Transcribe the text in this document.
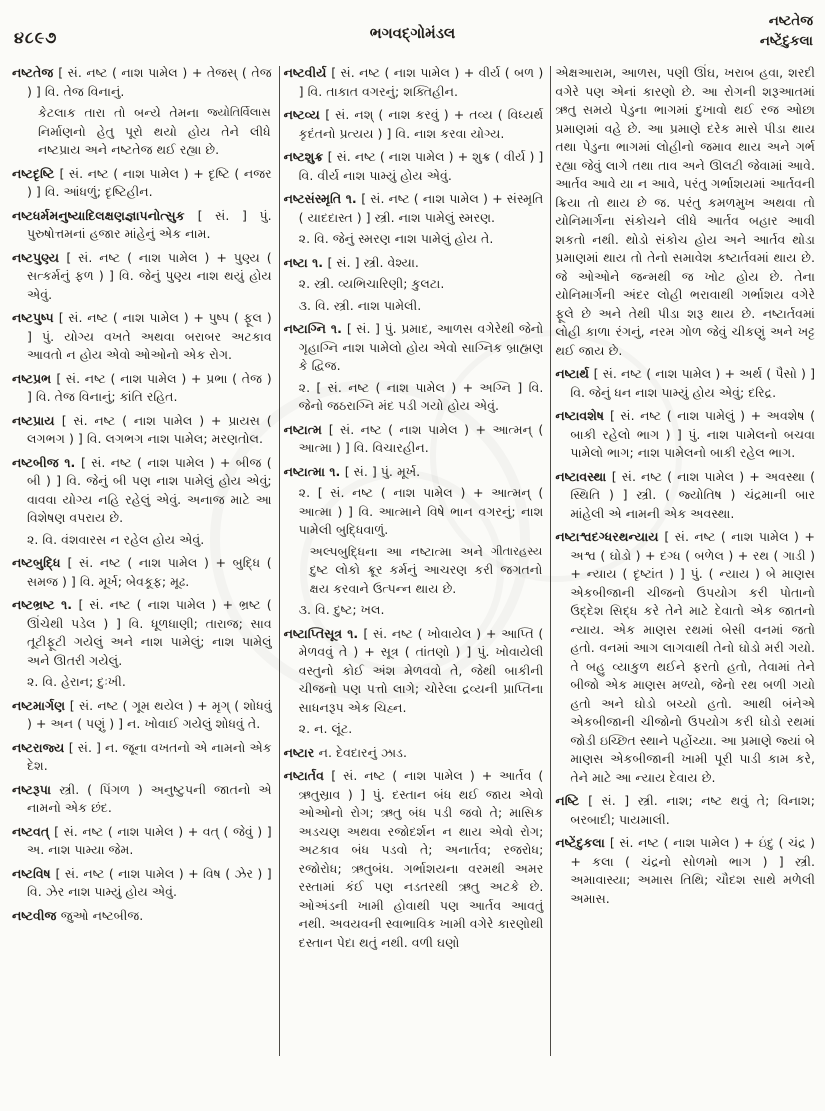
૪૮૯૭	ભગવદ્ગોમંડલ
નષ્ટતેજ
નષ્ટેંદુકલા

નષ્ટતેજ [ સં. નષ્ટ ( નાશ પામેલ ) + તેજસ્ ( તેજ ) ] વિ. તેજ વિનાનું.

જ્યોતિર્વિલાસ
કેટલાક તારા તો બન્યે તેમના નિર્માણનો હેતુ પૂરો થયો હોય તેને લીધે નષ્ટપ્રાય અને નષ્ટતેજ થઈ રહ્યા છે.

નષ્ટદૃષ્ટિ [ સં. નષ્ટ ( નાશ પામેલ ) + દૃષ્ટિ ( નજર ) ] વિ. આંધળું; દૃષ્ટિહીન.

નષ્ટધર્મમનુષ્યાદિલક્ષણજ્ઞાપનોત્સુક [ સં. ] પું. પુરુષોત્તમનાં હજાર માંહેનું એક નામ.

નષ્ટપુણ્ય [ સં. નષ્ટ ( નાશ પામેલ ) + પુણ્ય ( સત્કર્મનું ફળ ) ] વિ. જેનું પુણ્ય નાશ થયું હોય એવું.

નષ્ટપુષ્પ [ સં. નષ્ટ ( નાશ પામેલ ) + પુષ્પ ( ફૂલ ) ] પું. યોગ્ય વખતે અથવા બરાબર અટકાવ આવતો ન હોય એવો ઓઓનો એક રોગ.

નષ્ટપ્રભ [ સં. નષ્ટ ( નાશ પામેલ ) + પ્રભા ( તેજ ) ] વિ. તેજ વિનાનું; કાંતિ રહિત.

નષ્ટપ્રાય [ સં. નષ્ટ ( નાશ પામેલ ) + પ્રાયસ ( લગભગ ) ] વિ. લગભગ નાશ પામેલ; મરણતોલ.

નષ્ટબીજ ૧. [ સં. નષ્ટ ( નાશ પામેલ ) + બીજ ( બી ) ] વિ. જેનું બી પણ નાશ પામેલું હોય એવું; વાવવા યોગ્ય નહિ રહેલું એવું. અનાજ માટે આ વિશેષણ વપરાય છે.

૨. વિ. વંશવારસ ન રહેલ હોય એવું.

નષ્ટબુદ્ધિ [ સં. નષ્ટ ( નાશ પામેલ ) + બુદ્ધિ ( સમજ ) ] વિ. મૂર્ખ; બેવકૂફ; મૂઢ.

નષ્ટભ્રષ્ટ ૧. [ સં. નષ્ટ ( નાશ પામેલ ) + ભ્રષ્ટ ( ઊંચેથી પડેલ ) ] વિ. ધૂળધાણી; તારાજ; સાવ તૂટીફૂટી ગયેલું અને નાશ પામેલું; નાશ પામેલું અને ઊતરી ગયેલું.

૨. વિ. હેરાન; દુઃખી.

નષ્ટમાર્ગણ [ સં. નષ્ટ ( ગૂમ થયેલ ) + મૃગ્ ( શોધવું ) + અન ( પણું ) ] ન. ખોવાઈ ગયેલું શોધવું તે.

નષ્ટરાજ્ય [ સં. ] ન. જૂના વખતનો એ નામનો એક દેશ.

નષ્ટરૂપા સ્ત્રી. ( પિંગળ ) અનુષ્ટુપની જાતનો એ નામનો એક છંદ.

નષ્ટવત્ [ સં. નષ્ટ ( નાશ પામેલ ) + વત્ ( જેવું ) ] અ. નાશ પામ્યા જેમ.

નષ્ટવિષ [ સં. નષ્ટ ( નાશ પામેલ ) + વિષ ( ઝેર ) ] વિ. ઝેર નાશ પામ્યું હોય એવું.

નષ્ટવીજ જુઓ નષ્ટબીજ.

નષ્ટવીર્ય [ સં. નષ્ટ ( નાશ પામેલ ) + વીર્ય ( બળ ) ] વિ. તાકાત વગરનું; શક્તિહીન.

નષ્ટવ્ય [ સં. નશ્ ( નાશ કરવું ) + તવ્ય ( વિધ્યર્થ કૃદંતનો પ્રત્યય ) ] વિ. નાશ કરવા યોગ્ય.

નષ્ટશુક્ર [ સં. નષ્ટ ( નાશ પામેલ ) + શુક્ર ( વીર્ય ) ] વિ. વીર્ય નાશ પામ્યું હોય એવું.

નષ્ટસંસ્મૃતિ ૧. [ સં. નષ્ટ ( નાશ પામેલ ) + સંસ્મૃતિ ( યાદદાસ્ત ) ] સ્ત્રી. નાશ પામેલું સ્મરણ.

૨. વિ. જેનું સ્મરણ નાશ પામેલું હોય તે.

નષ્ટા ૧. [ સં. ] સ્ત્રી. વેશ્યા.

૨. સ્ત્રી. વ્યભિચારિણી; કુલટા.

૩. વિ. સ્ત્રી. નાશ પામેલી.

નષ્ટાગ્નિ ૧. [ સં. ] પું. પ્રમાદ, આળસ વગેરેથી જેનો ગૃહાગ્નિ નાશ પામેલો હોય એવો સાગ્નિક બ્રાહ્મણ કે દ્વિજ.

૨. [ સં. નષ્ટ ( નાશ પામેલ ) + અગ્નિ ] વિ. જેનો જઠરાગ્નિ મંદ પડી ગયો હોય એવું.

નષ્ટાત્મ [ સં. નષ્ટ ( નાશ પામેલ ) + આત્મન્ ( આત્મા ) ] વિ. વિચારહીન.

નષ્ટાત્મા ૧. [ સં. ] પું. મૂર્ખ.

૨. [ સં. નષ્ટ ( નાશ પામેલ ) + આત્મન્ ( આત્મા ) ] વિ. આત્માને વિષે ભાન વગરનું; નાશ પામેલી બુદ્ધિવાળું.

ગીતારહસ્ય
અલ્પબુદ્ધિના આ નષ્ટાત્મા અને દુષ્ટ લોકો ક્રૂર કર્મનું આચરણ કરી જગતનો ક્ષય કરવાને ઉત્પન્ન થાય છે.

૩. વિ. દુષ્ટ; ખલ.

નષ્ટાપ્તિસૂત્ર ૧. [ સં. નષ્ટ ( ખોવાયેલ ) + આપ્તિ ( મેળવવું તે ) + સૂત્ર ( તાંતણો ) ] પું. ખોવાયેલી વસ્તુનો કોઈ અંશ મેળવવો તે, જેથી બાકીની ચીજનો પણ પત્તો લાગે; ચોરેલા દ્રવ્યની પ્રાપ્તિના સાધનરૂપ એક ચિહ્ન.

૨. ન. લૂંટ.

નષ્ટાર ન. દેવદારનું ઝાડ.

નષ્ટાર્તવ [ સં. નષ્ટ ( નાશ પામેલ ) + આર્તવ ( ઋતુસ્રાવ ) ] પું. દસ્તાન બંધ થઈ જાય એવો ઓઓનો રોગ; ઋતુ બંધ પડી જવો તે; માસિક અડચણ અથવા રજોદર્શન ન થાય એવો રોગ; અટકાવ બંધ પડવો તે; અનાર્તવ; રજરોધ; રજોરોધ; ઋતુબંધ. ગર્ભાશયના વરમથી અમર રસ્તામાં કંઈ પણ નડતરથી ઋતુ અટકે છે. ઓઅંડની ખામી હોવાથી પણ આર્તવ આવતું નથી. અવયવની સ્વાભાવિક ખામી વગેરે કારણોથી દસ્તાન પેદા થતું નથી. વળી ઘણો

એક્ષઆરામ, આળસ, પણી ઊંઘ, ખરાબ હવા, શરદી વગેરે પણ એનાં કારણો છે. આ રોગની શરૂઆતમાં ઋતુ સમયે પેડુના ભાગમાં દુખાવો થઈ રજ ઓછા પ્રમાણમાં વહે છે. આ પ્રમાણે દરેક માસે પીડા થાય તથા પેડુના ભાગમાં લોહીનો જમાવ થાય અને ગર્ભ રહ્યા જેવું લાગે તથા તાવ અને ઊલટી જેવામાં આવે. આર્તવ આવે યા ન આવે, પરંતુ ગર્ભાશયમાં આર્તવની ક્રિયા તો થાય છે જ. પરંતુ કમળમુખ અથવા તો યોનિમાર્ગના સંકોચને લીધે આર્તવ બહાર આવી શકતો નથી. થોડો સંકોચ હોય અને આર્તવ થોડા પ્રમાણમાં થાય તો તેનો સમાવેશ કષ્ટાર્તવમાં થાય છે. જે ઓઓને જન્મથી જ ખોટ હોય છે. તેના યોનિમાર્ગની અંદર લોહી ભરાવાથી ગર્ભાશય વગેરે ફૂલે છે અને તેથી પીડા શરૂ થાય છે. નષ્ટાર્તવમાં લોહી કાળા રંગનું, નરમ ગોળ જેવું ચીકણું અને ખટ્ટ થઈ જાય છે.

નષ્ટાર્થ [ સં. નષ્ટ ( નાશ પામેલ ) + અર્થ ( પૈસો ) ] વિ. જેનું ધન નાશ પામ્યું હોય એવું; દરિદ્ર.

નષ્ટાવશેષ [ સં. નષ્ટ ( નાશ પામેલું ) + અવશેષ ( બાકી રહેલો ભાગ ) ] પું. નાશ પામેલનો બચવા પામેલો ભાગ; નાશ પામેલનો બાકી રહેલ ભાગ.

નષ્ટાવસ્થા [ સં. નષ્ટ ( નાશ પામેલ ) + અવસ્થા ( સ્થિતિ ) ] સ્ત્રી. ( જ્યોતિષ ) ચંદ્રમાની બાર માંહેલી એ નામની એક અવસ્થા.

નષ્ટાશ્વદગ્ધરથન્યાય [ સં. નષ્ટ ( નાશ પામેલ ) + અશ્વ ( ઘોડો ) + દગ્ધ ( બળેલ ) + રથ ( ગાડી ) + ન્યાય ( દૃષ્ટાંત ) ] પું. ( ન્યાય ) બે માણસ એકબીજાની ચીજનો ઉપયોગ કરી પોતાનો ઉદ્દેશ સિદ્ધ કરે તેને માટે દેવાતો એક જાતનો ન્યાય. એક માણસ રથમાં બેસી વનમાં જતો હતો. વનમાં આગ લાગવાથી તેનો ઘોડો મરી ગયો. તે બહુ વ્યાકુળ થઈને ફરતો હતો, તેવામાં તેને બીજો એક માણસ મળ્યો, જેનો રથ બળી ગયો હતો અને ઘોડો બચ્યો હતો. આથી બંનેએ એકબીજાની ચીજોનો ઉપયોગ કરી ઘોડો રથમાં જોડી ઇચ્છિત સ્થાને પહોંચ્યા. આ પ્રમાણે જ્યાં બે માણસ એકબીજાની ખામી પૂરી પાડી કામ કરે, તેને માટે આ ન્યાય દેવાય છે.

નષ્ટિ [ સં. ] સ્ત્રી. નાશ; નષ્ટ થવું તે; વિનાશ; બરબાદી; પાયમાલી.

નષ્ટેંદુકલા [ સં. નષ્ટ ( નાશ પામેલ ) + ઇંદુ ( ચંદ્ર ) + કલા ( ચંદ્રનો સોળમો ભાગ ) ] સ્ત્રી. અમાવાસ્યા; અમાસ તિથિ; ચૌદશ સાથે મળેલી અમાસ.
